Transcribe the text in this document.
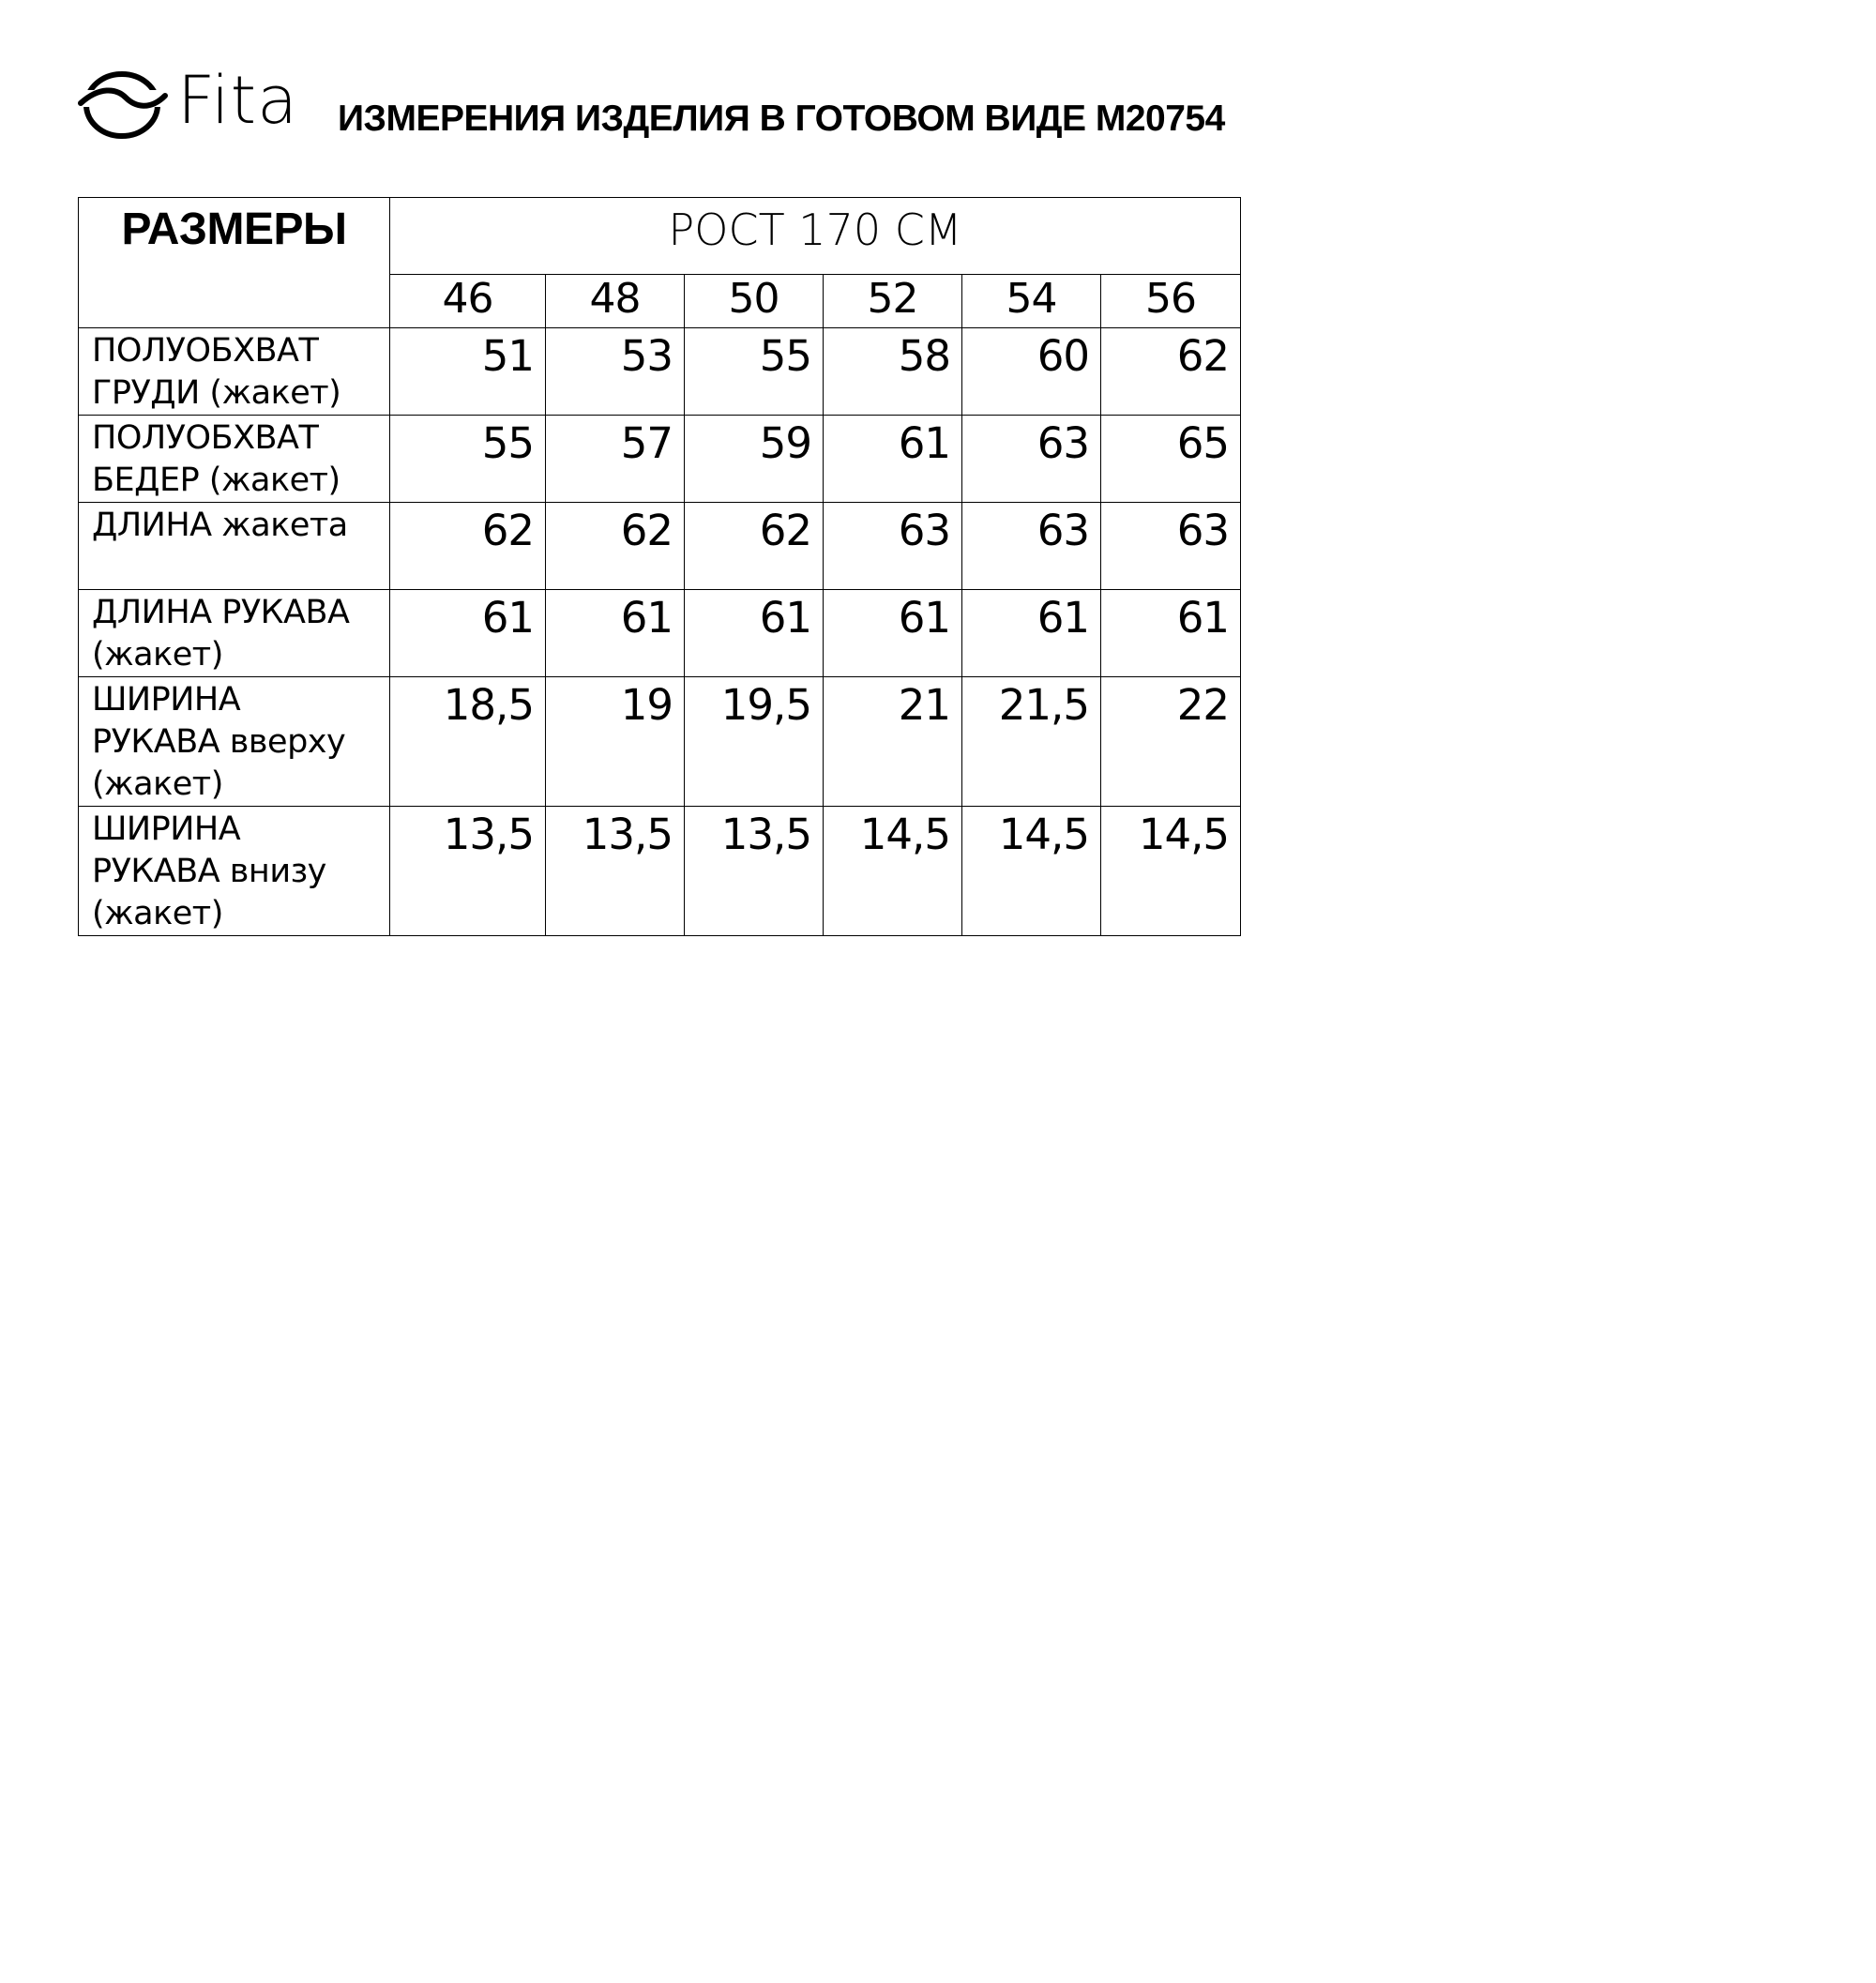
Fita ИЗМЕРЕНИЯ ИЗДЕЛИЯ В ГОТОВОМ ВИДЕ М20754
РАЗМЕРЫ	РОСТ 170 СМ					
	46	48	50	52	54	56
ПОЛУОБХВАТ
ГРУДИ (жакет)	51	53	55	58	60	62
ПОЛУОБХВАТ
БЕДЕР (жакет)	55	57	59	61	63	65
ДЛИНА жакета	62	62	62	63	63	63
ДЛИНА РУКАВА
(жакет)	61	61	61	61	61	61
ШИРИНА
РУКАВА вверху
(жакет)	18,5	19	19,5	21	21,5	22
ШИРИНА
РУКАВА внизу
(жакет)	13,5	13,5	13,5	14,5	14,5	14,5
